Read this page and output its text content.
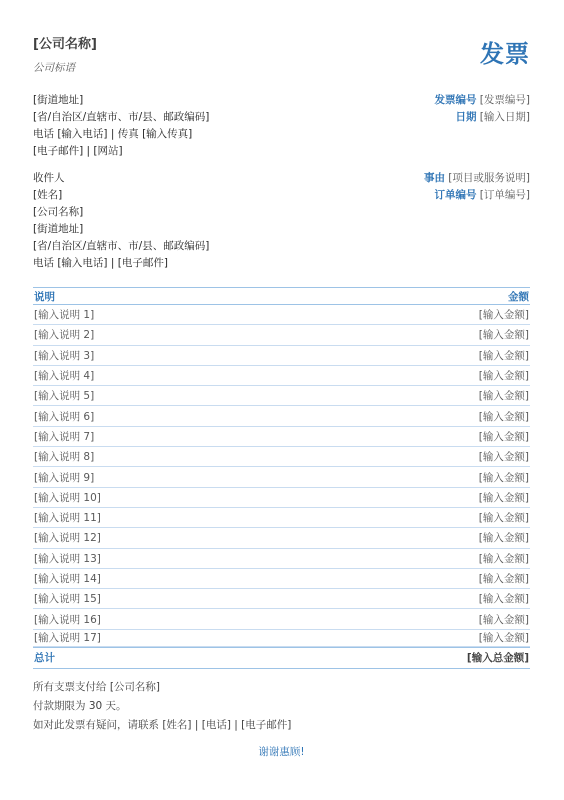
[公司名称]
公司标语	发票
[街道地址]
[省/自治区/直辖市、市/县、邮政编码]
电话 [输入电话] | 传真 [输入传真]
[电子邮件] | [网站]
发票编号 [发票编号]
日期 [输入日期]
收件人
[姓名]
[公司名称]
[街道地址]
[省/自治区/直辖市、市/县、邮政编码]
电话 [输入电话] | [电子邮件]
事由 [项目或服务说明]
订单编号 [订单编号]
说明	金额
[输入说明 1]	[输入金额]
[输入说明 2]	[输入金额]
[输入说明 3]	[输入金额]
[输入说明 4]	[输入金额]
[输入说明 5]	[输入金额]
[输入说明 6]	[输入金额]
[输入说明 7]	[输入金额]
[输入说明 8]	[输入金额]
[输入说明 9]	[输入金额]
[输入说明 10]	[输入金额]
[输入说明 11]	[输入金额]
[输入说明 12]	[输入金额]
[输入说明 13]	[输入金额]
[输入说明 14]	[输入金额]
[输入说明 15]	[输入金额]
[输入说明 16]	[输入金额]
[输入说明 17]	[输入金额]
总计	[输入总金额]
所有支票支付给 [公司名称]
付款期限为 30 天。
如对此发票有疑问，请联系 [姓名] | [电话] | [电子邮件]
谢谢惠顾!
